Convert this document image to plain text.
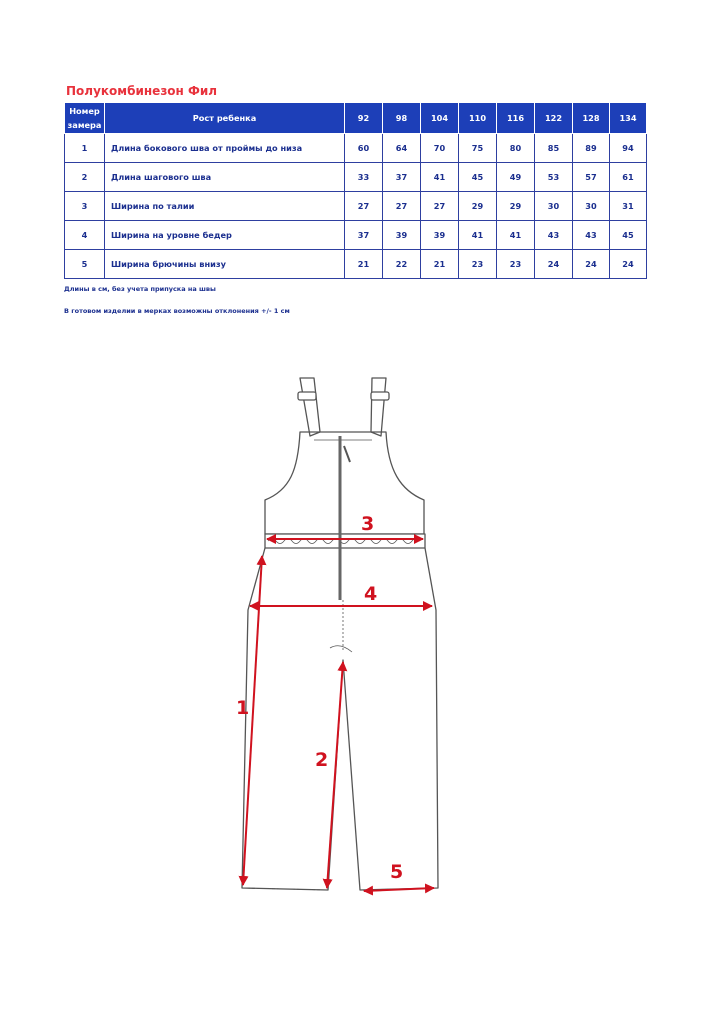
Полукомбинезон Фил
Номер
замера	Рост ребенка	92	98	104	110	116	122	128	134
1	Длина бокового шва от проймы до низа	60	64	70	75	80	85	89	94
2	Длина шагового шва	33	37	41	45	49	53	57	61
3	Ширина по талии	27	27	27	29	29	30	30	31
4	Ширина на уровне бедер	37	39	39	41	41	43	43	45
5	Ширина брючины внизу	21	22	21	23	23	24	24	24
Длины в см, без учета припуска на швы
В готовом изделии в мерках возможны отклонения +/- 1 см
1
2
3
4
5
